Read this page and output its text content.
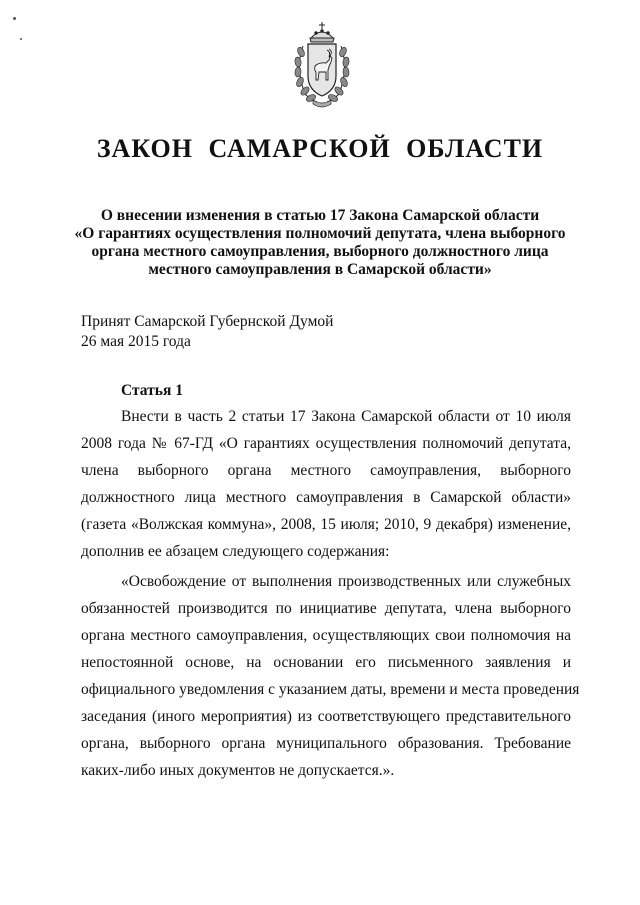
ЗАКОН САМАРСКОЙ ОБЛАСТИ
О внесении изменения в статью 17 Закона Самарской области
«О гарантиях осуществления полномочий депутата, члена выборного
органа местного самоуправления, выборного должностного лица
местного самоуправления в Самарской области»
Принят Самарской Губернской Думой
26 мая 2015 года
Статья 1
Внести в часть 2 статьи 17 Закона Самарской области от 10 июля
2008 года № 67-ГД «О гарантиях осуществления полномочий депутата,
члена выборного органа местного самоуправления, выборного
должностного лица местного самоуправления в Самарской области»
(газета «Волжская коммуна», 2008, 15 июля; 2010, 9 декабря) изменение,
дополнив ее абзацем следующего содержания:
«Освобождение от выполнения производственных или служебных
обязанностей производится по инициативе депутата, члена выборного
органа местного самоуправления, осуществляющих свои полномочия на
непостоянной основе, на основании его письменного заявления и
официального уведомления с указанием даты, времени и места проведения
заседания (иного мероприятия) из соответствующего представительного
органа, выборного органа муниципального образования. Требование
каких-либо иных документов не допускается.».
